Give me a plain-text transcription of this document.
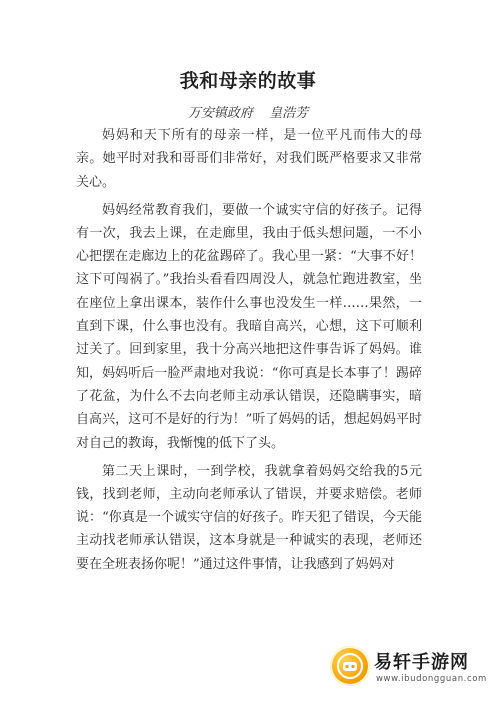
我和母亲的故事
万安镇政府 皇浩芳

妈妈和天下所有的母亲一样，是一位平凡而伟大的母亲。她平时对我和哥哥们非常好，对我们既严格要求又非常关心。

妈妈经常教育我们，要做一个诚实守信的好孩子。记得有一次，我去上课，在走廊里，我由于低头想问题，一不小心把摆在走廊边上的花盆踢碎了。我心里一紧：“大事不好！这下可闯祸了。”我抬头看看四周没人，就急忙跑进教室，坐在座位上拿出课本，装作什么事也没发生一样……果然，一直到下课，什么事也没有。我暗自高兴，心想，这下可顺利过关了。回到家里，我十分高兴地把这件事告诉了妈妈。谁知，妈妈听后一脸严肃地对我说：“你可真是长本事了！踢碎了花盆，为什么不去向老师主动承认错误，还隐瞒事实，暗自高兴，这可不是好的行为！”听了妈妈的话，想起妈妈平时对自己的教诲，我惭愧的低下了头。

第二天上课时，一到学校，我就拿着妈妈交给我的5元钱，找到老师，主动向老师承认了错误，并要求赔偿。老师说：“你真是一个诚实守信的好孩子。昨天犯了错误，今天能主动找老师承认错误，这本身就是一种诚实的表现，老师还要在全班表扬你呢！”通过这件事情，让我感到了妈妈对

易轩手游网
www.ibudongguan.com
